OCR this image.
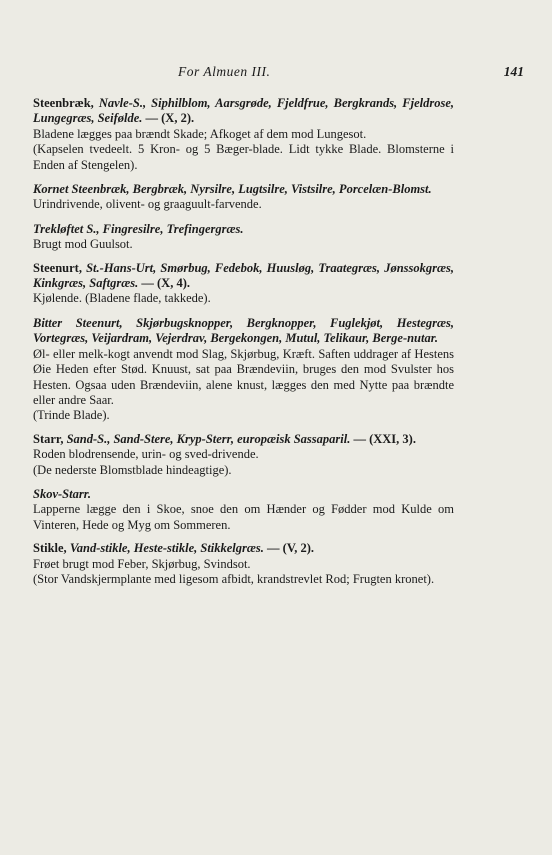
For Almuen III.	141

Steenbræk, Navle-S., Siphilblom, Aarsgrøde, Fjeldfrue, Bergkrands, Fjeldrose, Lungegræs, Seifølde. — (X, 2).

Bladene lægges paa brændt Skade; Afkoget af dem mod Lungesot.

(Kapselen tvedeelt. 5 Kron- og 5 Bæger-blade. Lidt tykke Blade. Blomsterne i Enden af Stengelen).

Kornet Steenbræk, Bergbræk, Nyrsilre, Lugtsilre, Vistsilre, Porcelæn-Blomst.

Urindrivende, olivent- og graaguult-farvende.

Trekløftet S., Fingresilre, Trefingergræs.

Brugt mod Guulsot.

Steenurt, St.-Hans-Urt, Smørbug, Fedebok, Huusløg, Traategræs, Jønssokgræs, Kinkgræs, Saftgræs. — (X, 4).

Kjølende. (Bladene flade, takkede).

Bitter Steenurt, Skjørbugsknopper, Bergknopper, Fuglekjøt, Hestegræs, Vortegræs, Veijardram, Vejerdrav, Bergekongen, Mutul, Telikaur, Berge-nutar.

Øl- eller melk-kogt anvendt mod Slag, Skjørbug, Kræft. Saften uddrager af Hestens Øie Heden efter Stød. Knuust, sat paa Brændeviin, bruges den mod Svulster hos Hesten. Ogsaa uden Brændeviin, alene knust, lægges den med Nytte paa brændte eller andre Saar.

(Trinde Blade).

Starr, Sand-S., Sand-Stere, Kryp-Sterr, europæisk Sassaparil. — (XXI, 3).

Roden blodrensende, urin- og sved-drivende.

(De nederste Blomstblade hindeagtige).

Skov-Starr.

Lapperne lægge den i Skoe, snoe den om Hænder og Fødder mod Kulde om Vinteren, Hede og Myg om Sommeren.

Stikle, Vand-stikle, Heste-stikle, Stikkelgræs. — (V, 2).

Frøet brugt mod Feber, Skjørbug, Svindsot.

(Stor Vandskjermplante med ligesom afbidt, krandstrevlet Rod; Frugten kronet).
